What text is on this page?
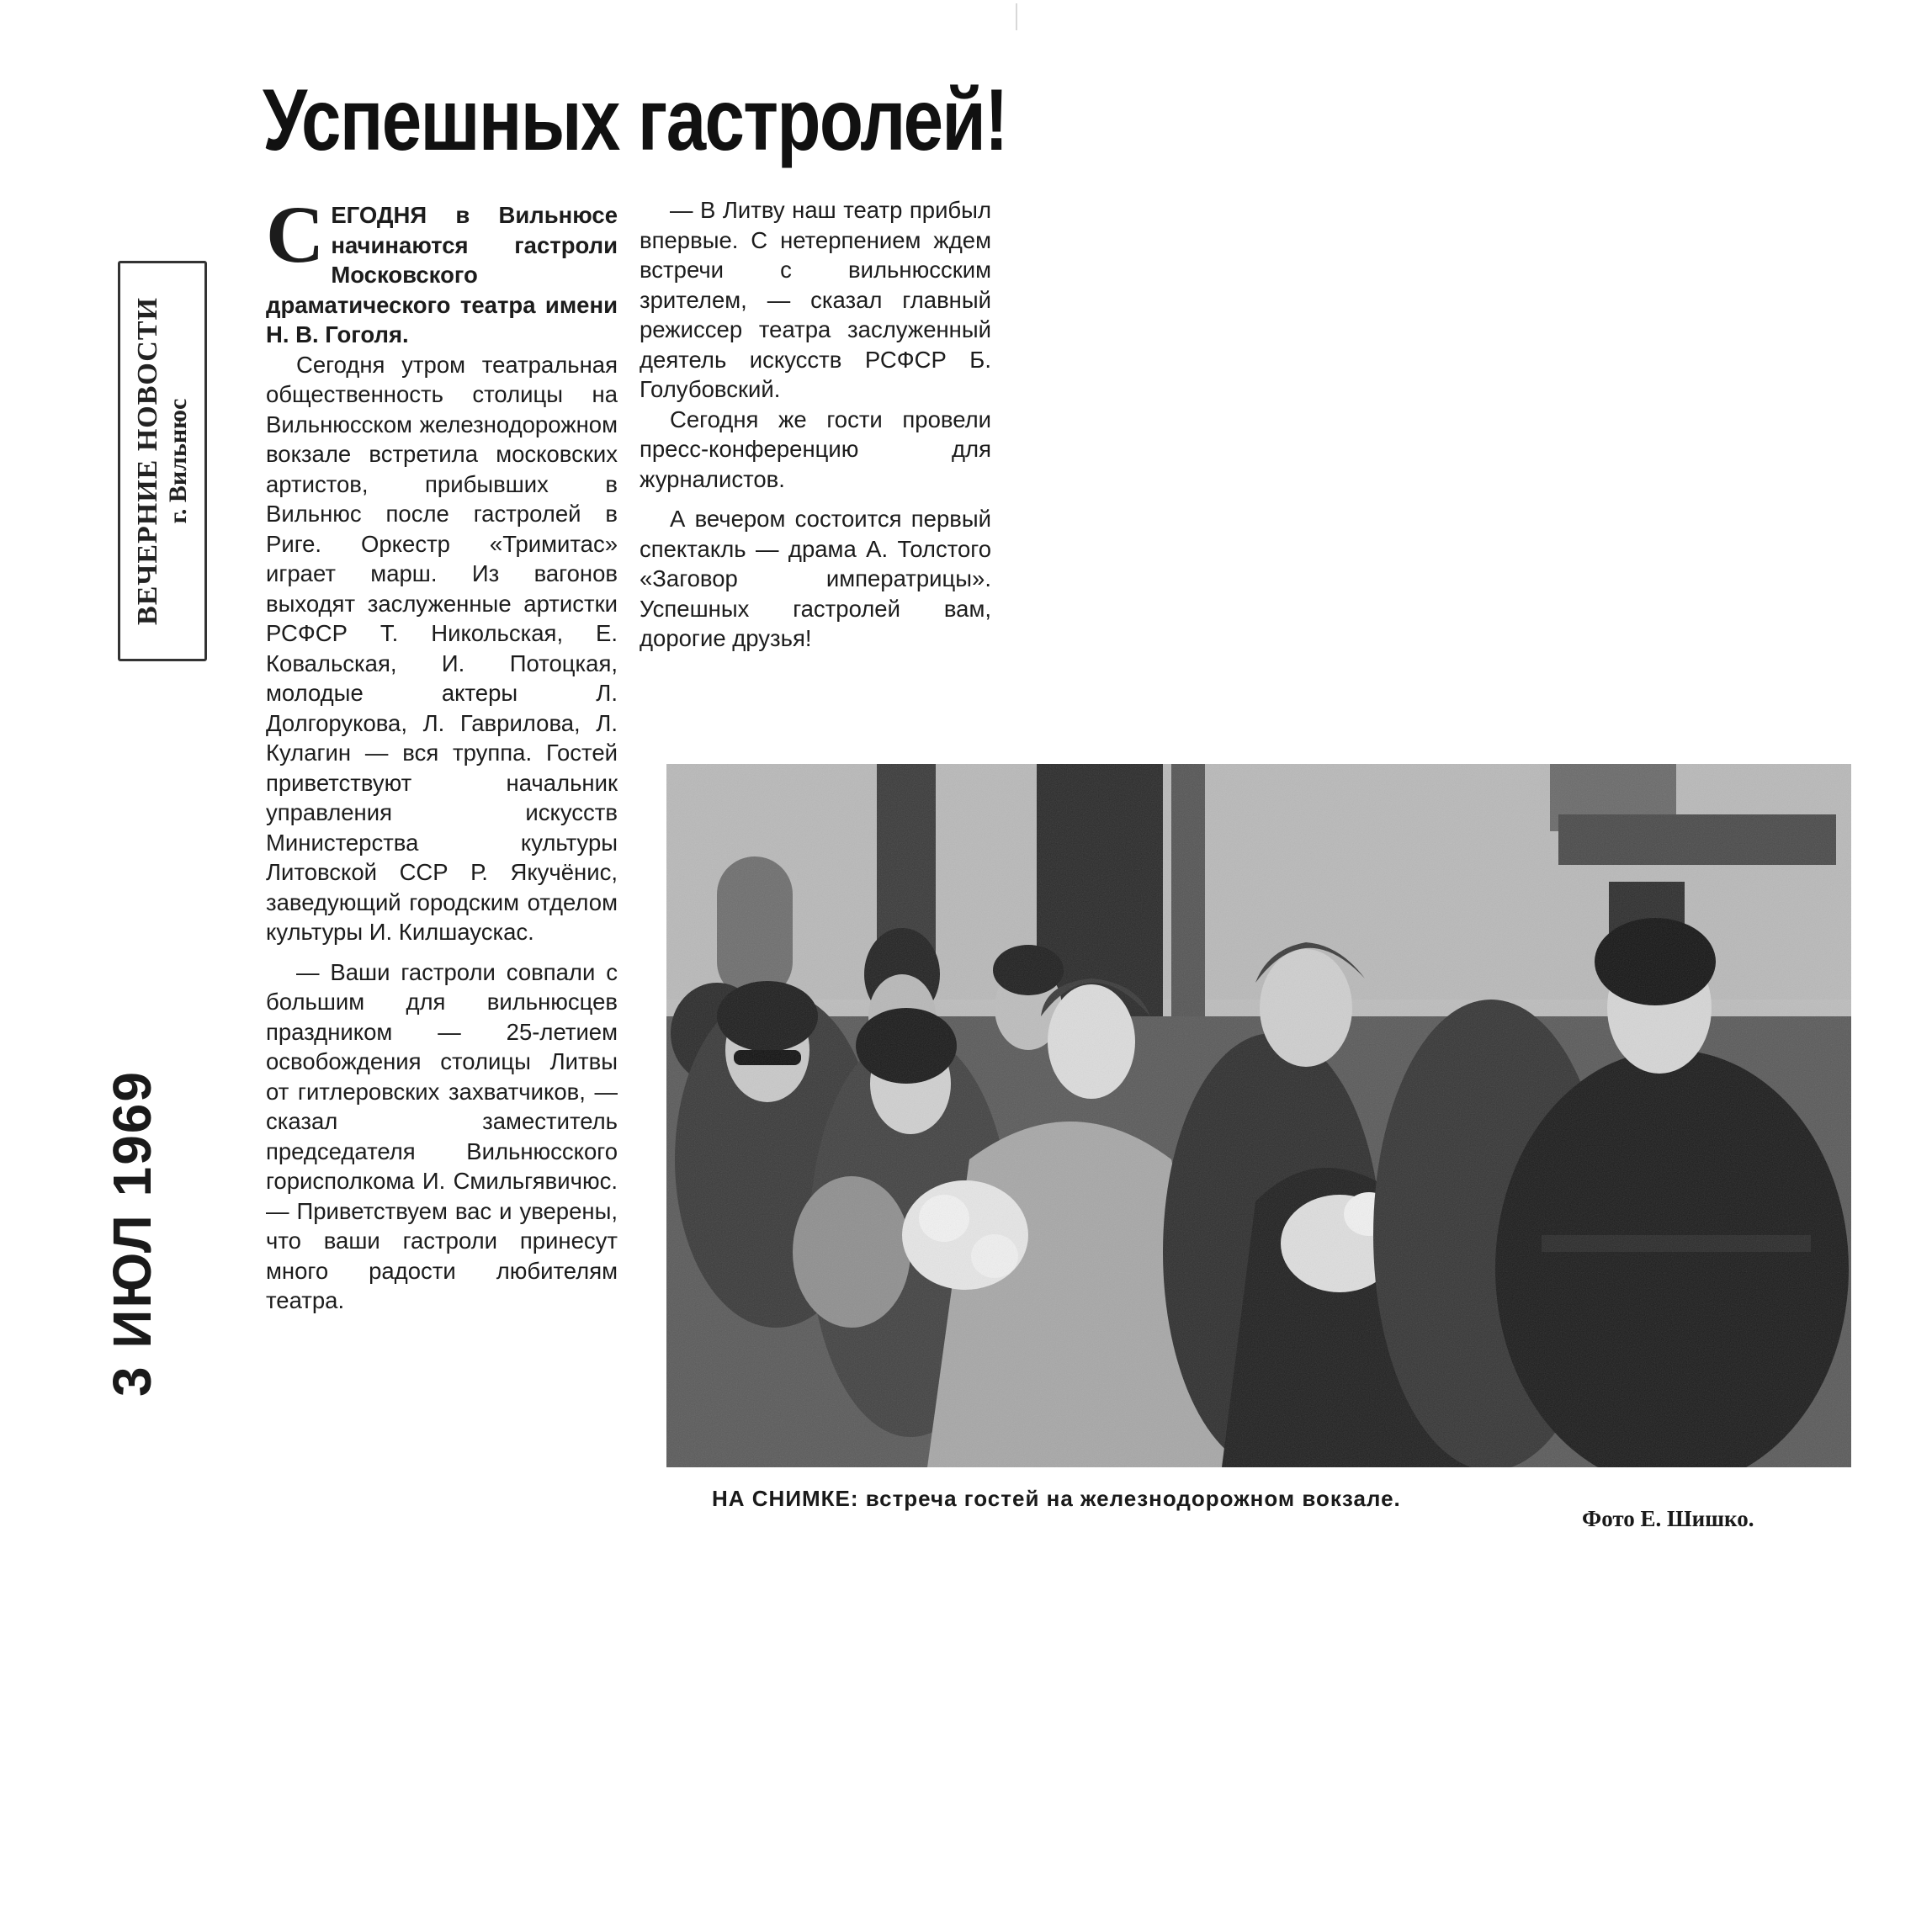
ВЕЧЕРНИЕ НОВОСТИ г. Вильнюс
3 ИЮЛ 1969
Успешных гастролей!

СЕГОДНЯ в Вильнюсе начинаются гастроли Московского драматического театра имени Н. В. Гоголя.

Сегодня утром театральная общественность столицы на Вильнюсском железнодорожном вокзале встретила московских артистов, прибывших в Вильнюс после гастролей в Риге. Оркестр «Тримитас» играет марш. Из вагонов выходят заслуженные артистки РСФСР Т. Никольская, Е. Ковальская, И. Потоцкая, молодые актеры Л. Долгорукова, Л. Гаврилова, Л. Кулагин — вся труппа. Гостей приветствуют начальник управления искусств Министерства культуры Литовской ССР Р. Якучёнис, заведующий городским отделом культуры И. Килшаускас.

— Ваши гастроли совпали с большим для вильнюсцев праздником — 25-летием освобождения столицы Литвы от гитлеровских захватчиков, — сказал заместитель председателя Вильнюсского горисполкома И. Смильгявичюс. — Приветствуем вас и уверены, что ваши гастроли принесут много радости любителям театра.

— В Литву наш театр прибыл впервые. С нетерпением ждем встречи с вильнюсским зрителем, — сказал главный режиссер театра заслуженный деятель искусств РСФСР Б. Голубовский.

Сегодня же гости провели пресс-конференцию для журналистов.

А вечером состоится первый спектакль — драма А. Толстого «Заговор императрицы». Успешных гастролей вам, дорогие друзья!

НА СНИМКЕ: встреча гостей на железнодорожном вокзале.
Фото Е. Шишко.
